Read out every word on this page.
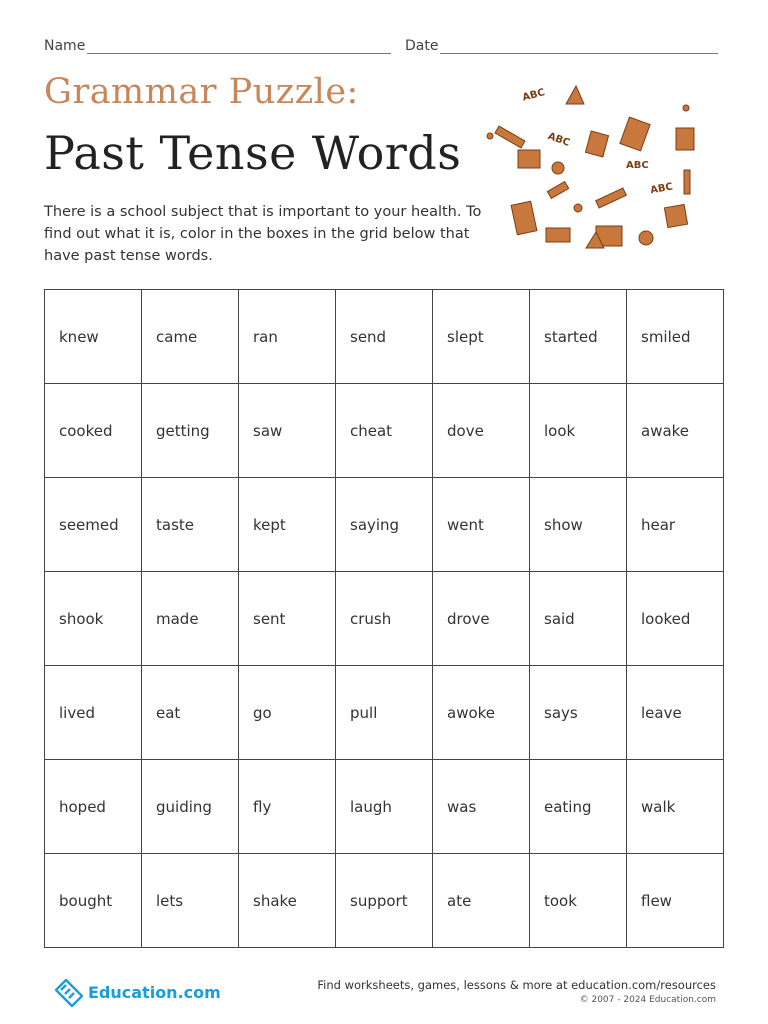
Name	Date
Grammar Puzzle:
Past Tense Words
There is a school subject that is important to your health. To find out what it is, color in the boxes in the grid below that have past tense words.
ABC
ABC
ABC
ABC
knew	came	ran	send	slept	started	smiled
cooked	getting	saw	cheat	dove	look	awake
seemed	taste	kept	saying	went	show	hear
shook	made	sent	crush	drove	said	looked
lived	eat	go	pull	awoke	says	leave
hoped	guiding	fly	laugh	was	eating	walk
bought	lets	shake	support	ate	took	flew
Education.com	Find worksheets, games, lessons & more at education.com/resources
© 2007 - 2024 Education.com
